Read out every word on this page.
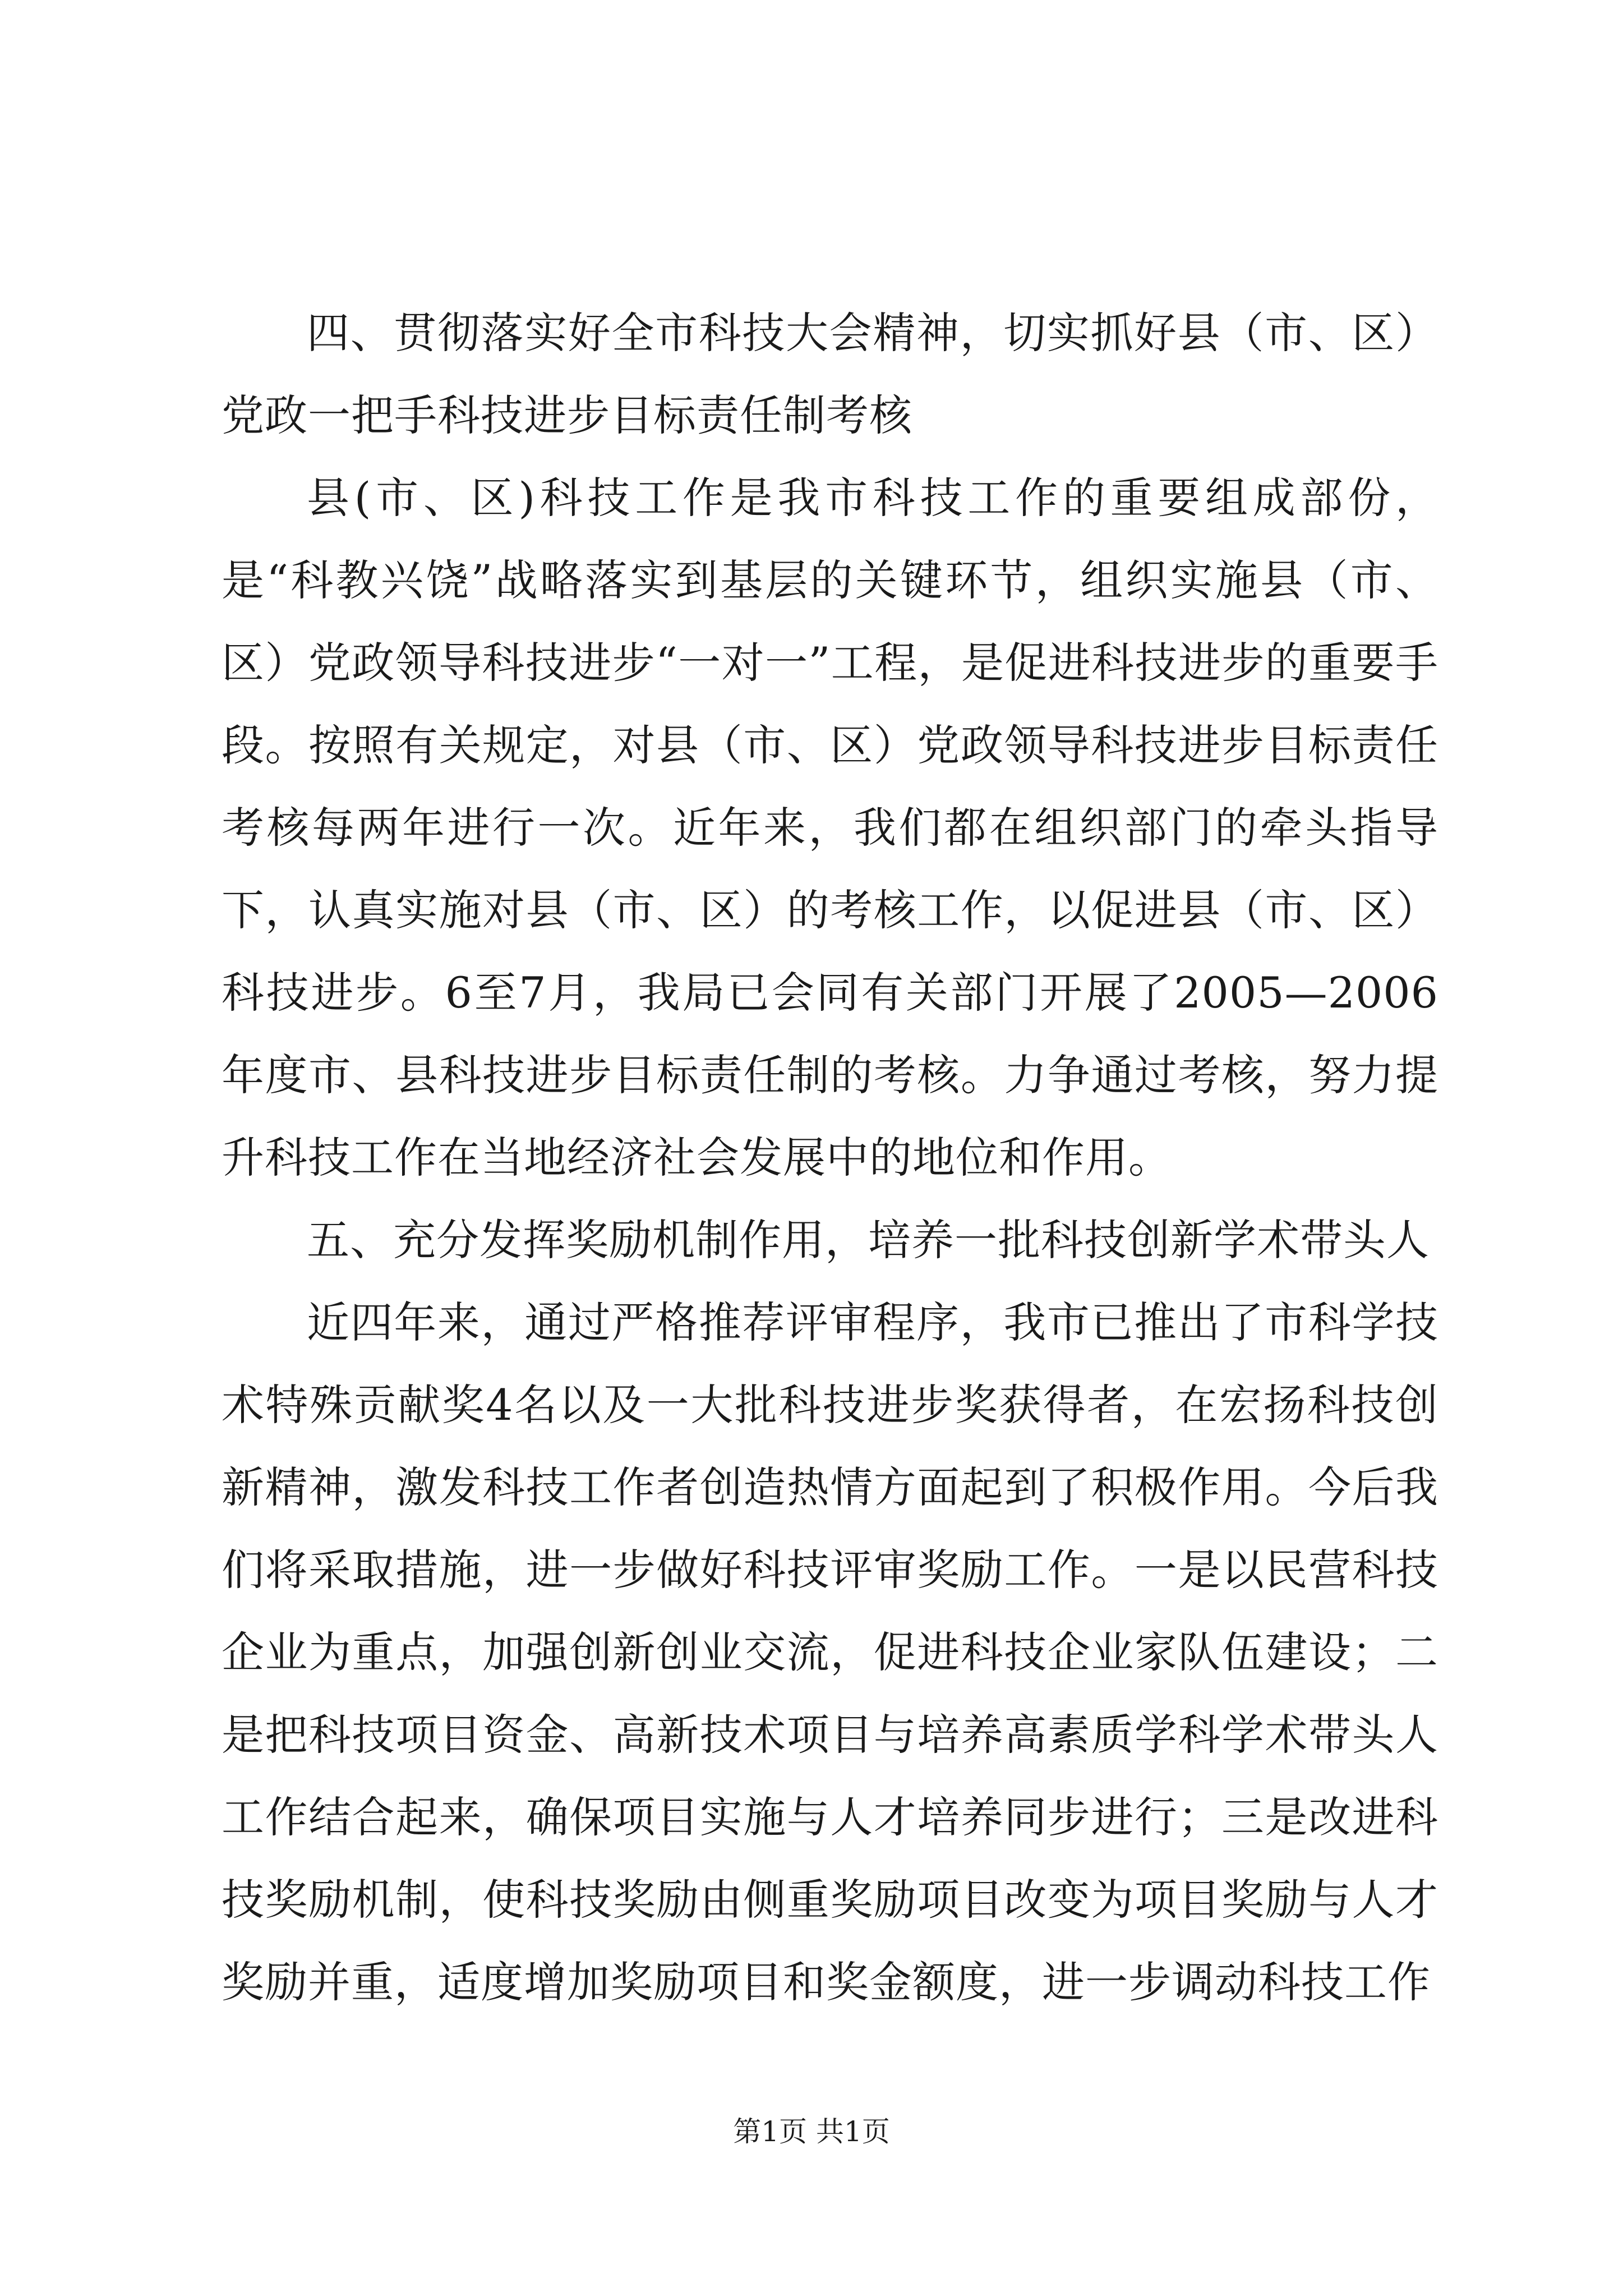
四、贯彻落实好全市科技大会精神，切实抓好县（市、区）党政一把手科技进步目标责任制考核

县(市、区)科技工作是我市科技工作的重要组成部份，是“科教兴饶”战略落实到基层的关键环节，组织实施县（市、区）党政领导科技进步“一对一”工程，是促进科技进步的重要手段。按照有关规定，对县（市、区）党政领导科技进步目标责任考核每两年进行一次。近年来，我们都在组织部门的牵头指导下，认真实施对县（市、区）的考核工作，以促进县（市、区）科技进步。6至7月，我局已会同有关部门开展了2005—2006年度市、县科技进步目标责任制的考核。力争通过考核，努力提升科技工作在当地经济社会发展中的地位和作用。

五、充分发挥奖励机制作用，培养一批科技创新学术带头人

近四年来，通过严格推荐评审程序，我市已推出了市科学技术特殊贡献奖4名以及一大批科技进步奖获得者，在宏扬科技创新精神，激发科技工作者创造热情方面起到了积极作用。今后我们将采取措施，进一步做好科技评审奖励工作。一是以民营科技企业为重点，加强创新创业交流，促进科技企业家队伍建设；二是把科技项目资金、高新技术项目与培养高素质学科学术带头人工作结合起来，确保项目实施与人才培养同步进行；三是改进科技奖励机制，使科技奖励由侧重奖励项目改变为项目奖励与人才奖励并重，适度增加奖励项目和奖金额度，进一步调动科技工作

第1页 共1页
